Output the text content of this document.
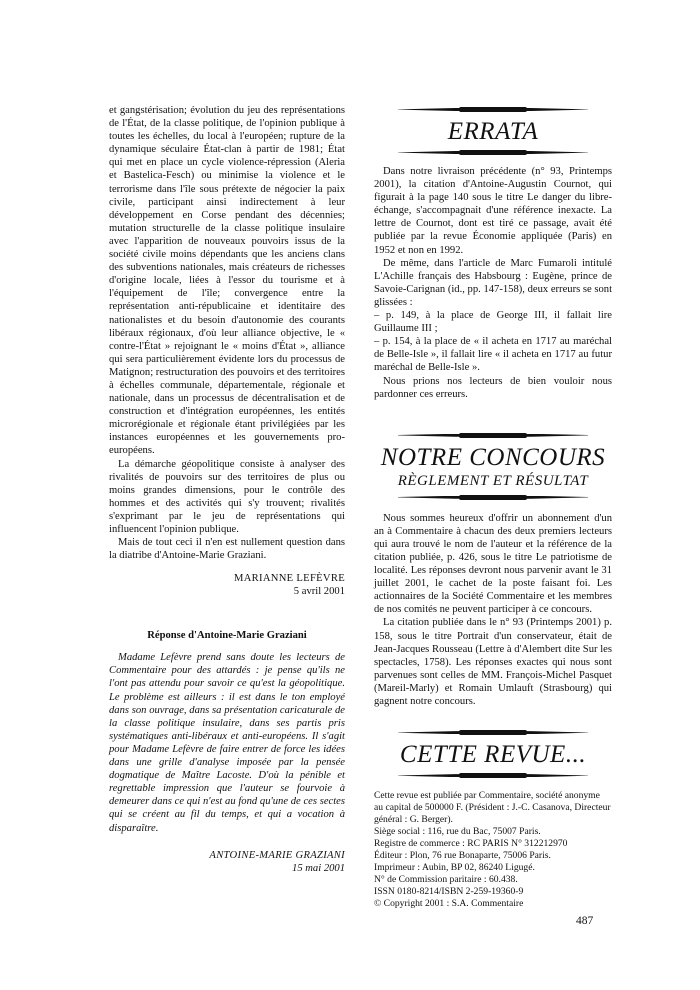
et gangstérisation; évolution du jeu des représentations de l'État, de la classe politique, de l'opinion publique à toutes les échelles, du local à l'européen; rupture de la dynamique séculaire État-clan à partir de 1981; État qui met en place un cycle violence-répression (Aleria et Bastelica-Fesch) ou minimise la violence et le terrorisme dans l'île sous prétexte de négocier la paix civile, participant ainsi indirectement à leur développement en Corse pendant des décennies; mutation structurelle de la classe politique insulaire avec l'apparition de nouveaux pouvoirs issus de la société civile moins dépendants que les anciens clans des subventions nationales, mais créateurs de richesses d'origine locale, liées à l'essor du tourisme et à l'équipement de l'île; convergence entre la représentation anti-républicaine et identitaire des nationalistes et du besoin d'autonomie des courants libéraux régionaux, d'où leur alliance objective, le « contre-l'État » rejoignant le « moins d'État », alliance qui sera particulièrement évidente lors du processus de Matignon; restructuration des pouvoirs et des territoires à échelles communale, départementale, régionale et nationale, dans un processus de décentralisation et de construction et d'intégration européennes, les entités microrégionale et régionale étant privilégiées par les instances européennes et les gouvernements pro-européens.

La démarche géopolitique consiste à analyser des rivalités de pouvoirs sur des territoires de plus ou moins grandes dimensions, pour le contrôle des hommes et des activités qui s'y trouvent; rivalités s'exprimant par le jeu de représentations qui influencent l'opinion publique.

Mais de tout ceci il n'en est nullement question dans la diatribe d'Antoine-Marie Graziani.

MARIANNE LEFÈVRE
5 avril 2001
Réponse d'Antoine-Marie Graziani

Madame Lefèvre prend sans doute les lecteurs de Commentaire pour des attardés : je pense qu'ils ne l'ont pas attendu pour savoir ce qu'est la géopolitique. Le problème est ailleurs : il est dans le ton employé dans son ouvrage, dans sa présentation caricaturale de la classe politique insulaire, dans ses partis pris systématiques anti-libéraux et anti-européens. Il s'agit pour Madame Lefèvre de faire entrer de force les idées dans une grille d'analyse imposée par la pensée dogmatique de Maître Lacoste. D'où la pénible et regrettable impression que l'auteur se fourvoie à demeurer dans ce qui n'est au fond qu'une de ces sectes qui se créent au fil du temps, et qui a vocation à disparaître.

ANTOINE-MARIE GRAZIANI
15 mai 2001
ERRATA

Dans notre livraison précédente (n° 93, Printemps 2001), la citation d'Antoine-Augustin Cournot, qui figurait à la page 140 sous le titre Le danger du libre-échange, s'accompagnait d'une référence inexacte. La lettre de Cournot, dont est tiré ce passage, avait été publiée par la revue Économie appliquée (Paris) en 1952 et non en 1992.

De même, dans l'article de Marc Fumaroli intitulé L'Achille français des Habsbourg : Eugène, prince de Savoie-Carignan (id., pp. 147-158), deux erreurs se sont glissées :

– p. 149, à la place de George III, il fallait lire Guillaume III ;

– p. 154, à la place de « il acheta en 1717 au maréchal de Belle-Isle », il fallait lire « il acheta en 1717 au futur maréchal de Belle-Isle ».

Nous prions nos lecteurs de bien vouloir nous pardonner ces erreurs.

NOTRE CONCOURS
RÈGLEMENT ET RÉSULTAT

Nous sommes heureux d'offrir un abonnement d'un an à Commentaire à chacun des deux premiers lecteurs qui aura trouvé le nom de l'auteur et la référence de la citation publiée, p. 426, sous le titre Le patriotisme de localité. Les réponses devront nous parvenir avant le 31 juillet 2001, le cachet de la poste faisant foi. Les actionnaires de la Société Commentaire et les membres de nos comités ne peuvent participer à ce concours.

La citation publiée dans le n° 93 (Printemps 2001) p. 158, sous le titre Portrait d'un conservateur, était de Jean-Jacques Rousseau (Lettre à d'Alembert dite Sur les spectacles, 1758). Les réponses exactes qui nous sont parvenues sont celles de MM. François-Michel Pasquet (Mareil-Marly) et Romain Umlauft (Strasbourg) qui gagnent notre concours.

CETTE REVUE...
Cette revue est publiée par Commentaire, société anonyme
au capital de 500000 F. (Président : J.-C. Casanova, Directeur
général : G. Berger).
Siège social : 116, rue du Bac, 75007 Paris.
Registre de commerce : RC PARIS N° 312212970
Éditeur : Plon, 76 rue Bonaparte, 75006 Paris.
Imprimeur : Aubin, BP 02, 86240 Ligugé.
N° de Commission paritaire : 60.438.
ISSN 0180-8214/ISBN 2-259-19360-9
© Copyright 2001 : S.A. Commentaire
487
